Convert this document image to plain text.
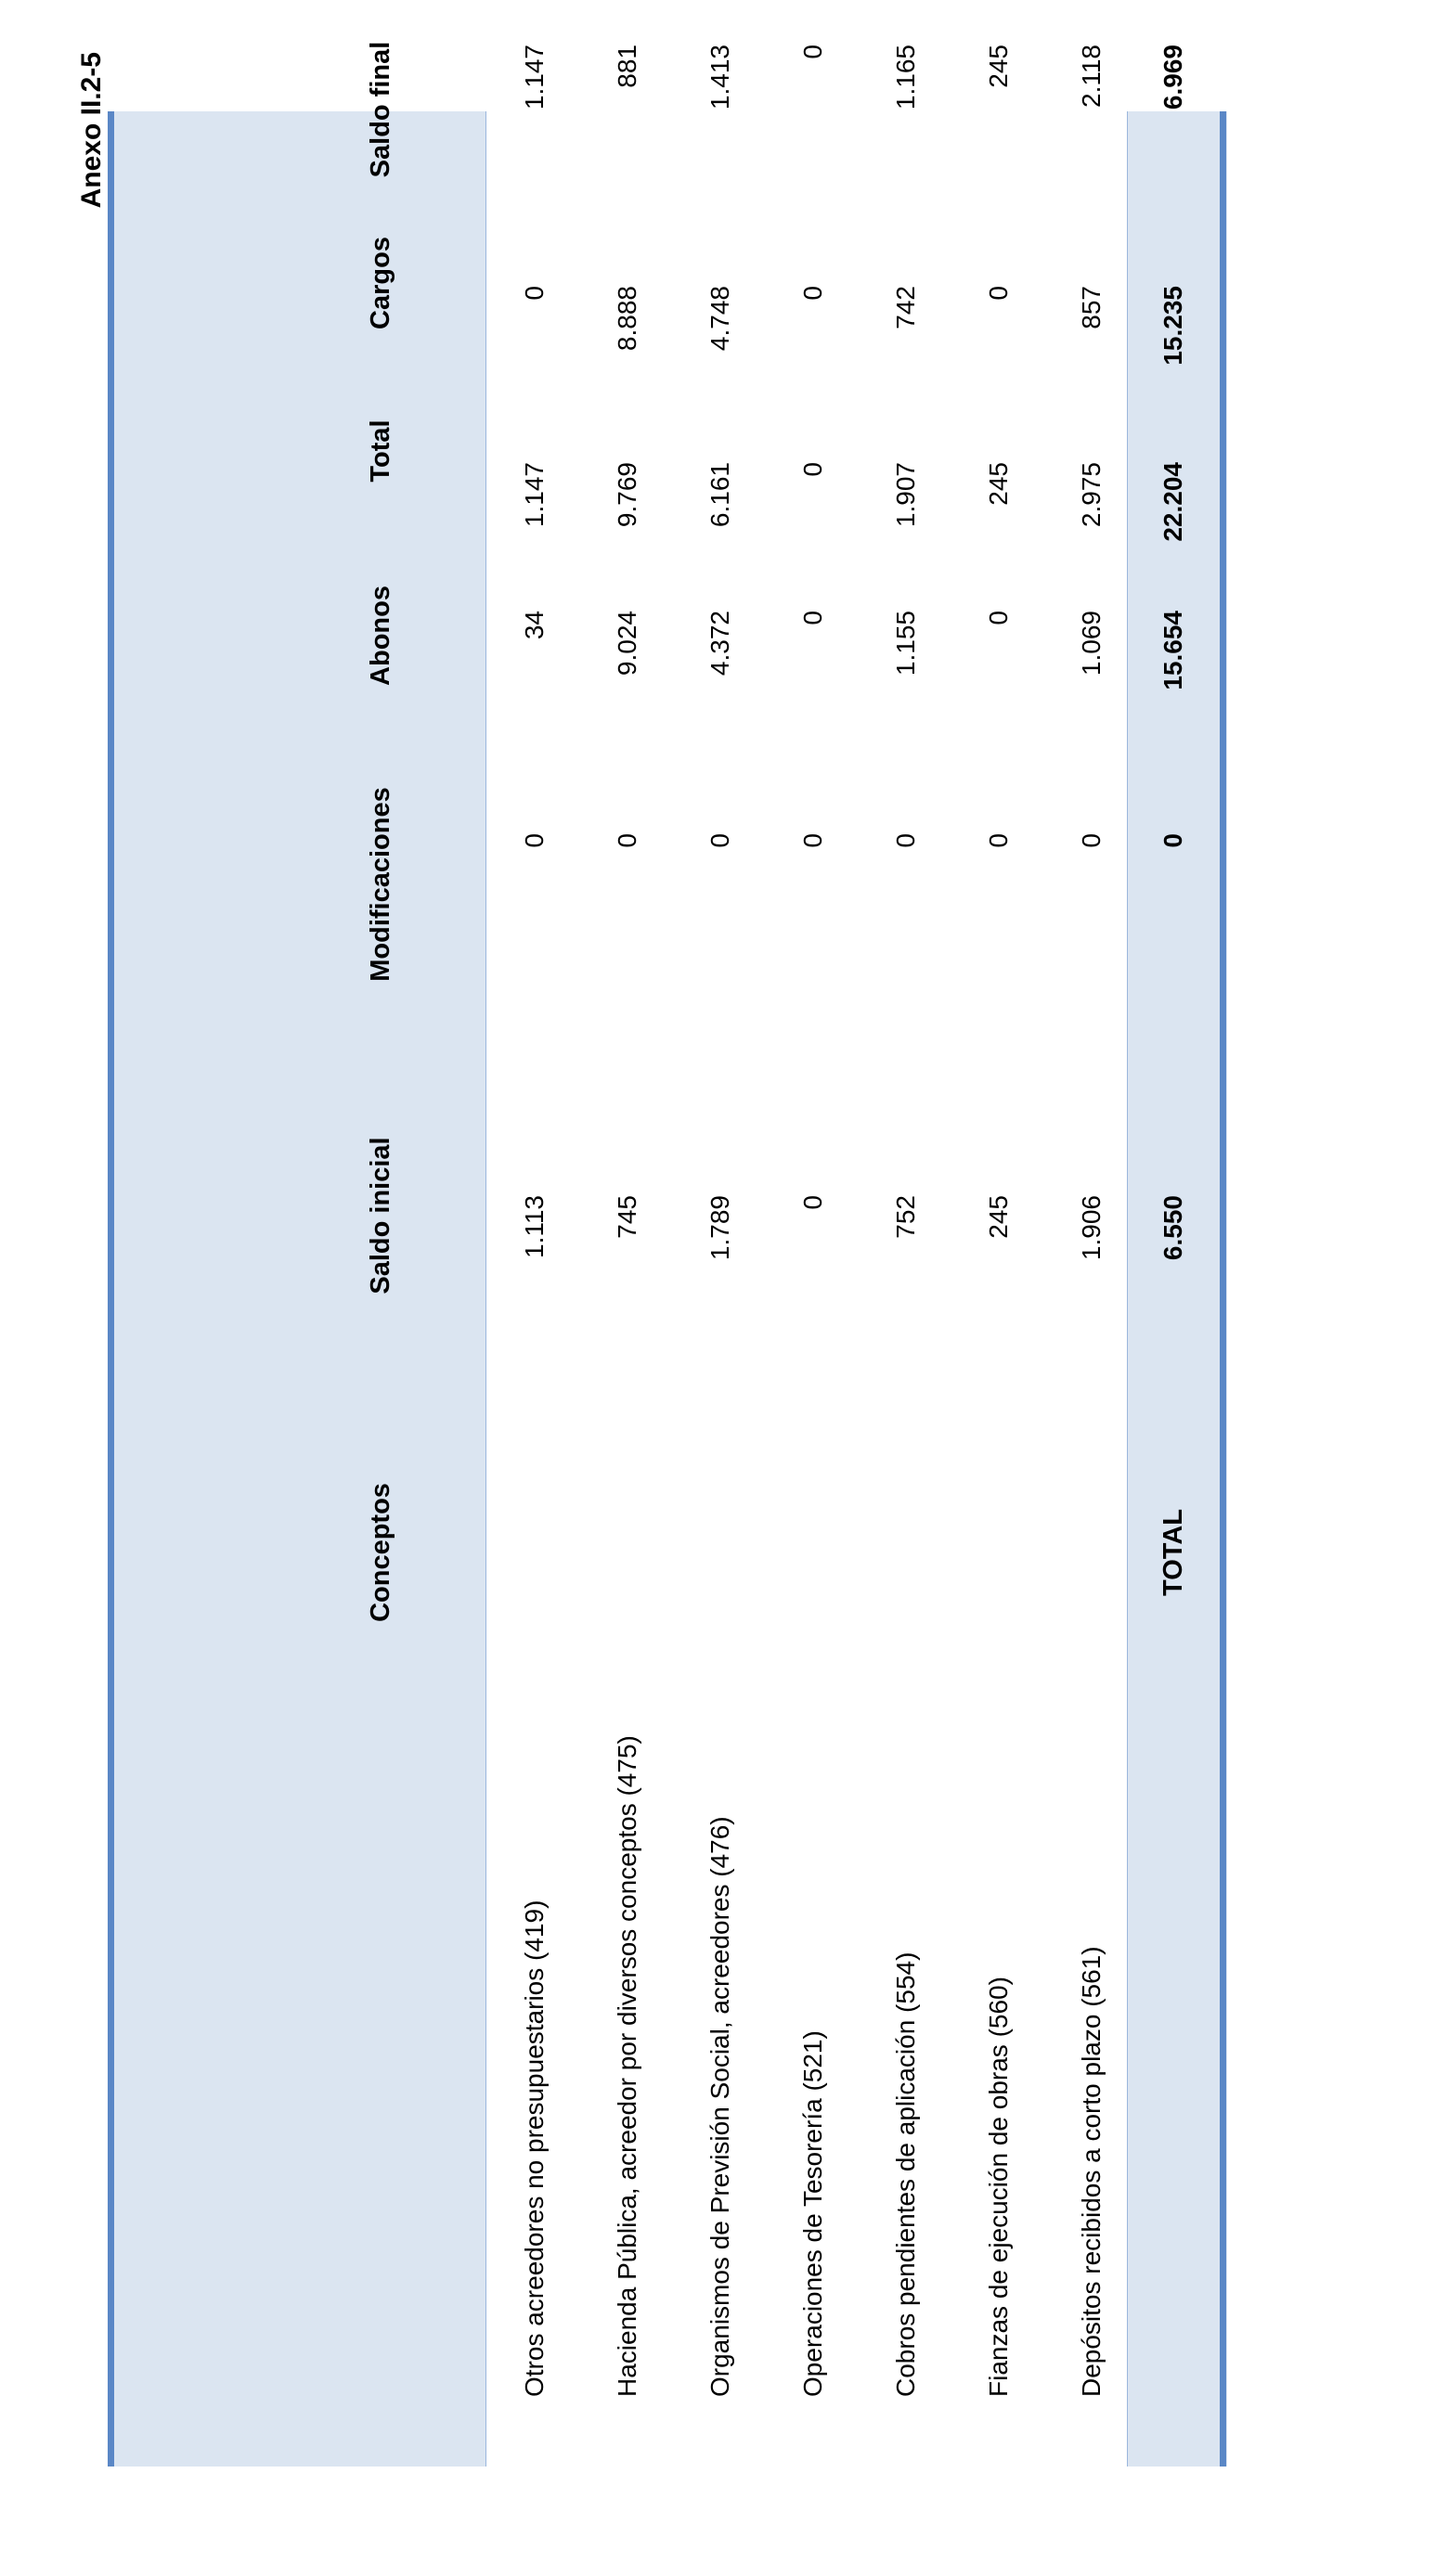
Anexo II.2-5
Conceptos
Saldo inicial
Modificaciones
Abonos
Total
Cargos
Saldo final
Otros acreedores no presupuestarios (419)
1.113
0
34
1.147
0
1.147
Hacienda Pública, acreedor por diversos conceptos (475)
745
0
9.024
9.769
8.888
881
Organismos de Previsión Social, acreedores (476)
1.789
0
4.372
6.161
4.748
1.413
Operaciones de Tesorería (521)
0
0
0
0
0
0
Cobros pendientes de aplicación (554)
752
0
1.155
1.907
742
1.165
Fianzas de ejecución de obras (560)
245
0
0
245
0
245
Depósitos recibidos a corto plazo (561)
1.906
0
1.069
2.975
857
2.118
TOTAL
6.550
0
15.654
22.204
15.235
6.969
